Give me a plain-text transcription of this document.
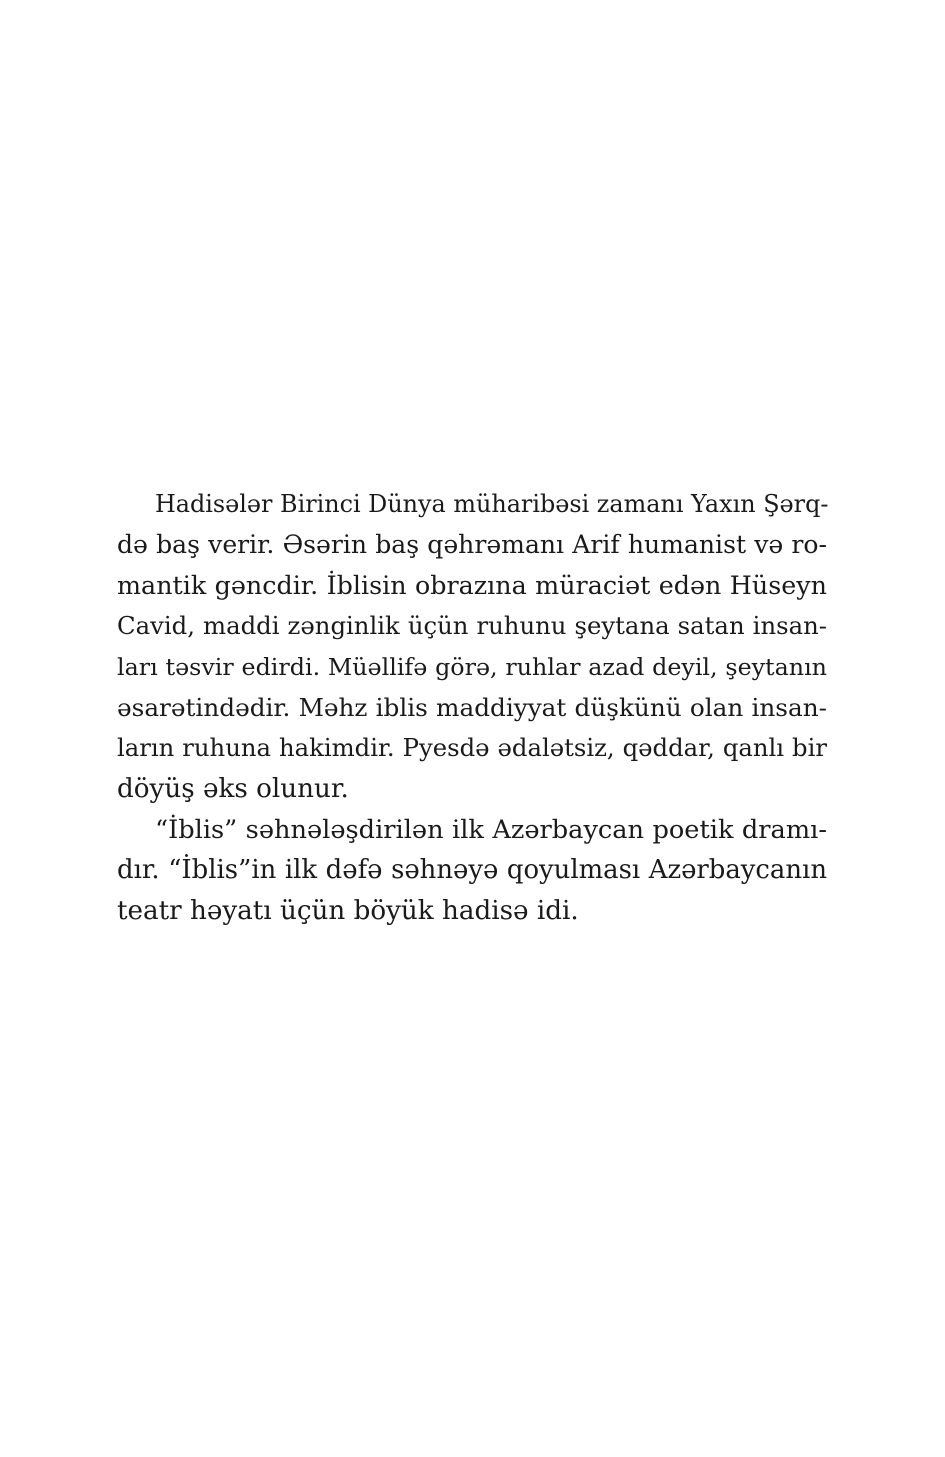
Hadisələr Birinci Dünya müharibəsi zamanı Yaxın Şərq-
də baş verir. Əsərin baş qəhrəmanı Arif humanist və ro-
mantik gəncdir. İblisin obrazına müraciət edən Hüseyn
Cavid, maddi zənginlik üçün ruhunu şeytana satan insan-
ları təsvir edirdi. Müəllifə görə, ruhlar azad deyil, şeytanın
əsarətindədir. Məhz iblis maddiyyat düşkünü olan insan-
ların ruhuna hakimdir. Pyesdə ədalətsiz, qəddar, qanlı bir
döyüş əks olunur.

“İblis” səhnələşdirilən ilk Azərbaycan poetik dramı-
dır. “İblis”in ilk dəfə səhnəyə qoyulması Azərbaycanın
teatr həyatı üçün böyük hadisə idi.
